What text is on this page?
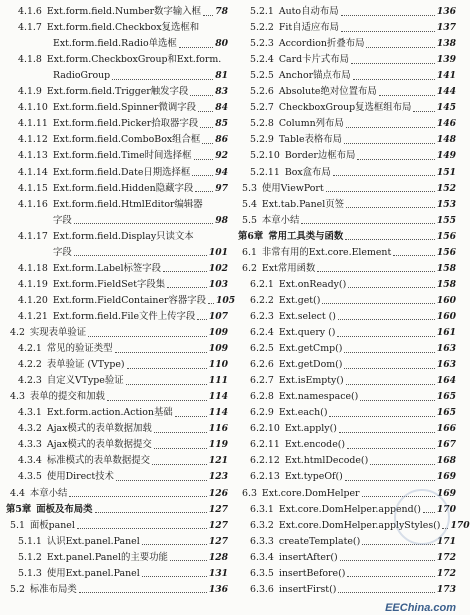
4.1.6 Ext.form.field.Number数字输入框 78
4.1.7 Ext.form.field.Checkbox复选框和
Ext.form.field.Radio单选框	80
4.1.8 Ext.form.CheckboxGroup和Ext.form.
RadioGroup	81
4.1.9 Ext.form.field.Trigger触发字段	83
4.1.10 Ext.form.field.Spinner微调字段 84
4.1.11 Ext.form.field.Picker拾取器字段 85
4.1.12 Ext.form.field.ComboBox组合框 86
4.1.13 Ext.form.field.Time时间选择框	92
4.1.14 Ext.form.field.Date日期选择框	94
4.1.15 Ext.form.field.Hidden隐藏字段 97
4.1.16 Ext.form.field.HtmlEditor编辑器
字段	98
4.1.17 Ext.form.field.Display只读文本
字段	101
4.1.18 Ext.form.Label标签字段	102
4.1.19 Ext.form.FieldSet字段集	103
4.1.20 Ext.form.FieldContainer容器字段 105
4.1.21 Ext.form.field.File文件上传字段 107
4.2 实现表单验证	109
4.2.1 常见的验证类型	109
4.2.2 表单验证 (VType)	110
4.2.3 自定义VType验证	111
4.3 表单的提交和加载	114
4.3.1 Ext.form.action.Action基础	114
4.3.2 Ajax模式的表单数据加载	116
4.3.3 Ajax模式的表单数据提交	119
4.3.4 标准模式的表单数据提交	121
4.3.5 使用Direct技术	123
4.4 本章小结	126
第5章 面板及布局类	127
5.1 面板panel	127
5.1.1 认识Ext.panel.Panel	127
5.1.2 Ext.panel.Panel的主要功能	128
5.1.3 使用Ext.panel.Panel	131
5.2 标准布局类	136
5.2.1 Auto自动布局	136
5.2.2 Fit自适应布局	137
5.2.3 Accordion折叠布局	138
5.2.4 Card卡片式布局	139
5.2.5 Anchor锚点布局	141
5.2.6 Absolute绝对位置布局	144
5.2.7 CheckboxGroup复选框组布局	145
5.2.8 Column列布局	146
5.2.9 Table表格布局	148
5.2.10 Border边框布局	149
5.2.11 Box盒布局	151
5.3 使用ViewPort	152
5.4 Ext.tab.Panel页签	153
5.5 本章小结	155
第6章 常用工具类与函数	156
6.1 非常有用的Ext.core.Element	156
6.2 Ext常用函数	158
6.2.1 Ext.onReady()	158
6.2.2 Ext.get()	160
6.2.3 Ext.select ()	160
6.2.4 Ext.query ()	161
6.2.5 Ext.getCmp()	163
6.2.6 Ext.getDom()	163
6.2.7 Ext.isEmpty()	164
6.2.8 Ext.namespace()	165
6.2.9 Ext.each()	165
6.2.10 Ext.apply()	166
6.2.11 Ext.encode()	167
6.2.12 Ext.htmlDecode()	168
6.2.13 Ext.typeOf()	169
6.3 Ext.core.DomHelper	169
6.3.1 Ext.core.DomHelper.append() 170
6.3.2 Ext.core.DomHelper.applyStyles() 170
6.3.3 createTemplate()	171
6.3.4 insertAfter()	172
6.3.5 insertBefore()	172
6.3.6 insertFirst()	173
EEChina.com
